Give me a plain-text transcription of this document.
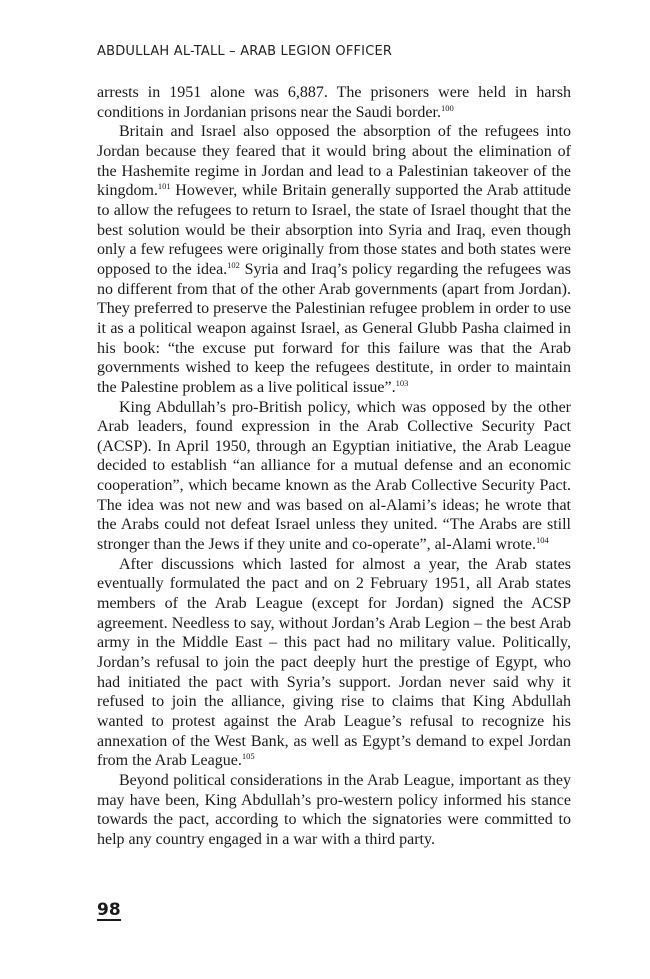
ABDULLAH AL-TALL – ARAB LEGION OFFICER

arrests in 1951 alone was 6,887. The prisoners were held in harsh conditions in Jordanian prisons near the Saudi border.$^{100}$

Britain and Israel also opposed the absorption of the refugees into Jordan because they feared that it would bring about the elimination of the Hashemite regime in Jordan and lead to a Palestinian takeover of the kingdom.$^{101}$ However, while Britain generally supported the Arab attitude to allow the refugees to return to Israel, the state of Israel thought that the best solution would be their absorption into Syria and Iraq, even though only a few refugees were originally from those states and both states were opposed to the idea.$^{102}$ Syria and Iraq’s policy regarding the refugees was no different from that of the other Arab governments (apart from Jordan). They preferred to preserve the Palestinian refugee problem in order to use it as a political weapon against Israel, as General Glubb Pasha claimed in his book: “the excuse put forward for this failure was that the Arab governments wished to keep the refugees destitute, in order to maintain the Palestine problem as a live political issue”.$^{103}$

King Abdullah’s pro-British policy, which was opposed by the other Arab leaders, found expression in the Arab Collective Security Pact (ACSP). In April 1950, through an Egyptian initiative, the Arab League decided to establish “an alliance for a mutual defense and an economic cooperation”, which became known as the Arab Collective Security Pact. The idea was not new and was based on al-Alami’s ideas; he wrote that the Arabs could not defeat Israel unless they united. “The Arabs are still stronger than the Jews if they unite and co-operate”, al-Alami wrote.$^{104}$

After discussions which lasted for almost a year, the Arab states eventually formulated the pact and on 2 February 1951, all Arab states members of the Arab League (except for Jordan) signed the ACSP agreement. Needless to say, without Jordan’s Arab Legion – the best Arab army in the Middle East – this pact had no military value. Politically, Jordan’s refusal to join the pact deeply hurt the prestige of Egypt, who had initiated the pact with Syria’s support. Jordan never said why it refused to join the alliance, giving rise to claims that King Abdullah wanted to protest against the Arab League’s refusal to recognize his annexation of the West Bank, as well as Egypt’s demand to expel Jordan from the Arab League.$^{105}$

Beyond political considerations in the Arab League, important as they may have been, King Abdullah’s pro-western policy informed his stance towards the pact, according to which the signatories were committed to help any country engaged in a war with a third party.

98
